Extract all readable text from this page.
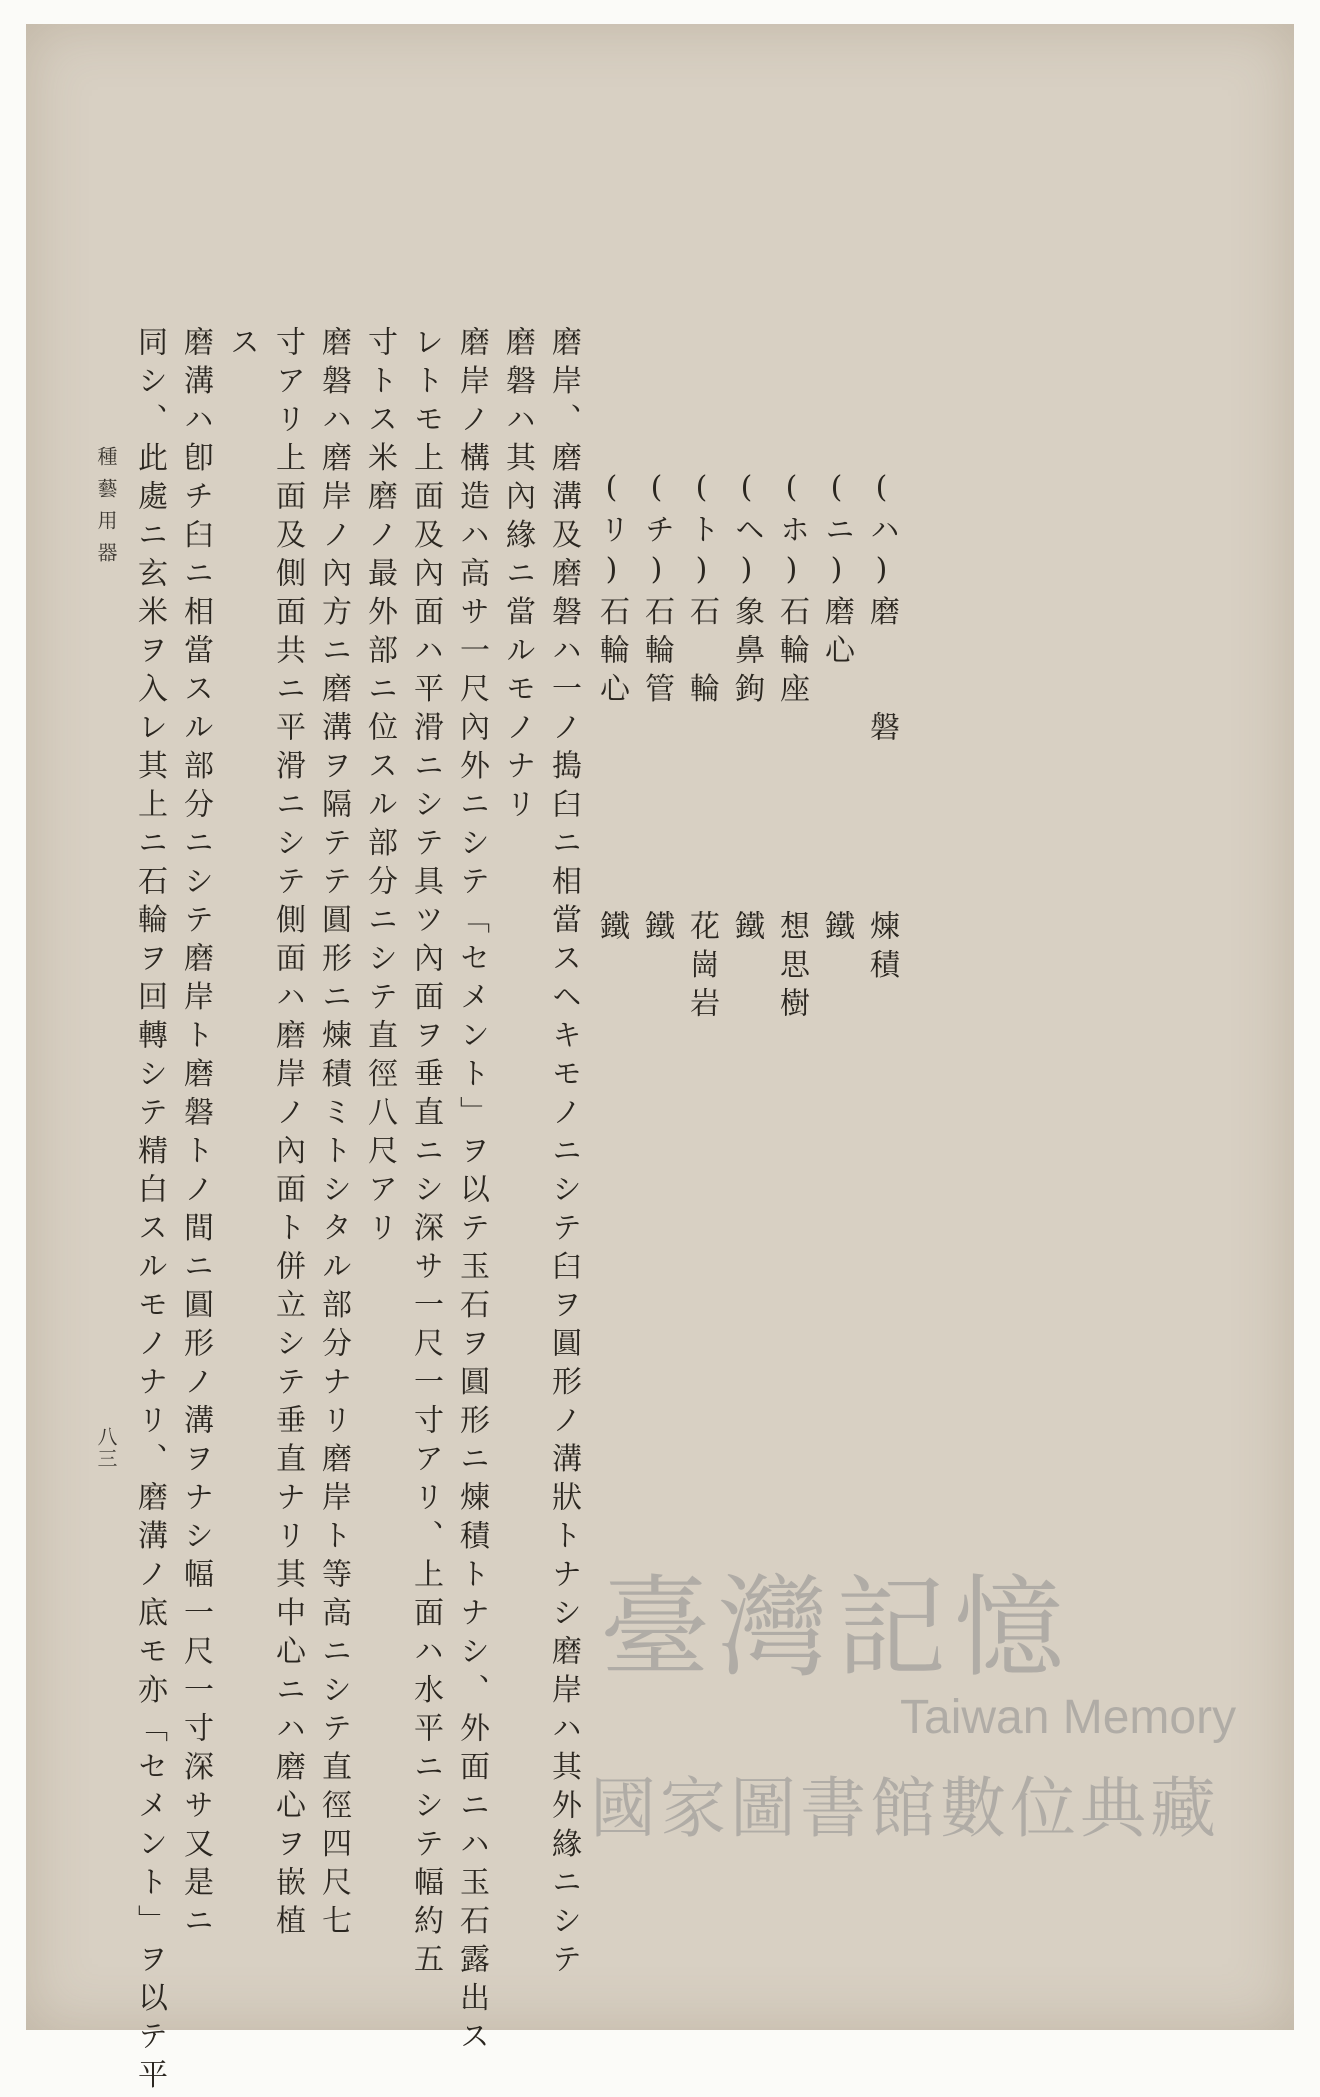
(ハ)磨　　磐
煉積
(ニ)磨心
鐵
(ホ)石輪座
想思樹
(ヘ)象鼻鉤
鐵
(ト)石　輪
花崗岩
(チ)石輪管
鐵
(リ)石輪心
鐵
磨岸、磨溝及磨磐ハ一ノ搗臼ニ相當スヘキモノニシテ臼ヲ圓形ノ溝狀トナシ磨岸ハ其外緣ニシテ
磨磐ハ其內緣ニ當ルモノナリ
磨岸ノ構造ハ高サ一尺內外ニシテ「セメント」ヲ以テ玉石ヲ圓形ニ煉積トナシ、外面ニハ玉石露出ス
レトモ上面及內面ハ平滑ニシテ具ツ內面ヲ垂直ニシ深サ一尺一寸アリ、上面ハ水平ニシテ幅約五
寸トス米磨ノ最外部ニ位スル部分ニシテ直徑八尺アリ
磨磐ハ磨岸ノ內方ニ磨溝ヲ隔テテ圓形ニ煉積ミトシタル部分ナリ磨岸ト等高ニシテ直徑四尺七
寸アリ上面及側面共ニ平滑ニシテ側面ハ磨岸ノ內面ト併立シテ垂直ナリ其中心ニハ磨心ヲ嵌植
ス
磨溝ハ卽チ臼ニ相當スル部分ニシテ磨岸ト磨磐トノ間ニ圓形ノ溝ヲナシ幅一尺一寸深サ又是ニ
同シ、此處ニ玄米ヲ入レ其上ニ石輪ヲ回轉シテ精白スルモノナリ、磨溝ノ底モ亦「セメント」ヲ以テ平
種藝用器
八三
臺灣記憶
Taiwan Memory
國家圖書館數位典藏
